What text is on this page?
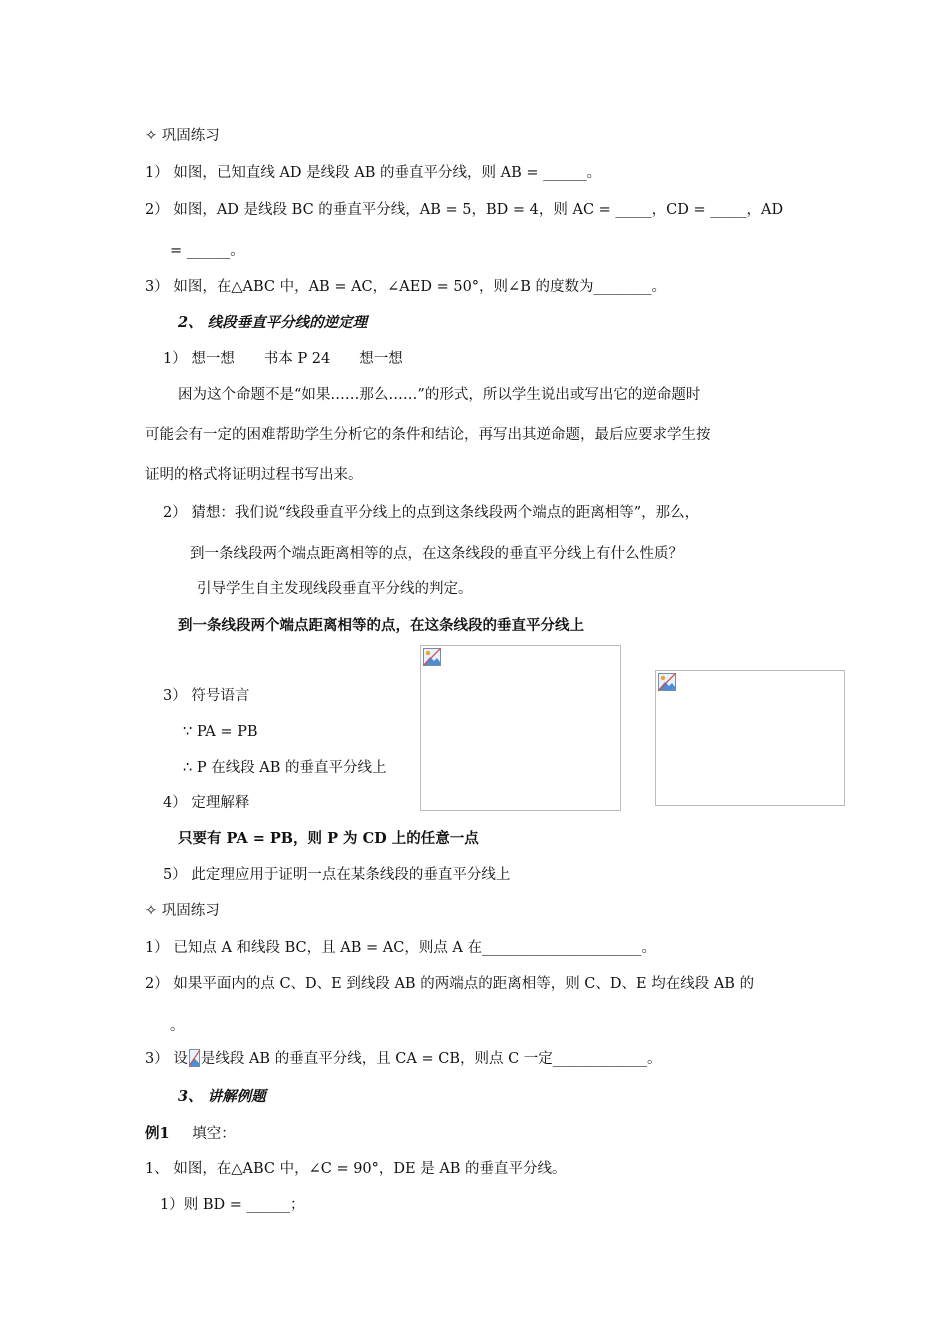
✧ 巩固练习
1） 如图，已知直线 AD 是线段 AB 的垂直平分线，则 AB = ______。
2） 如图，AD 是线段 BC 的垂直平分线，AB = 5，BD = 4，则 AC = _____，CD = _____，AD
= ______。
3） 如图，在△ABC 中，AB = AC，∠AED = 50°，则∠B 的度数为________。
2、 线段垂直平分线的逆定理
1） 想一想　　书本 P 24　　想一想
困为这个命题不是“如果……那么……”的形式，所以学生说出或写出它的逆命题时
可能会有一定的困难帮助学生分析它的条件和结论，再写出其逆命题，最后应要求学生按
证明的格式将证明过程书写出来。
2） 猜想：我们说“线段垂直平分线上的点到这条线段两个端点的距离相等”，那么，
到一条线段两个端点距离相等的点，在这条线段的垂直平分线上有什么性质？
引导学生自主发现线段垂直平分线的判定。
到一条线段两个端点距离相等的点，在这条线段的垂直平分线上
3） 符号语言
∵ PA = PB
∴ P 在线段 AB 的垂直平分线上
4） 定理解释
只要有 PA = PB，则 P 为 CD 上的任意一点
5） 此定理应用于证明一点在某条线段的垂直平分线上
✧ 巩固练习
1） 已知点 A 和线段 BC，且 AB = AC，则点 A 在______________________。
2） 如果平面内的点 C、D、E 到线段 AB 的两端点的距离相等，则 C、D、E 均在线段 AB 的
。
3） 设 是线段 AB 的垂直平分线，且 CA = CB，则点 C 一定_____________。
3、 讲解例题
例1 填空：
1、 如图，在△ABC 中，∠C = 90°，DE 是 AB 的垂直平分线。
1）则 BD = ______；
